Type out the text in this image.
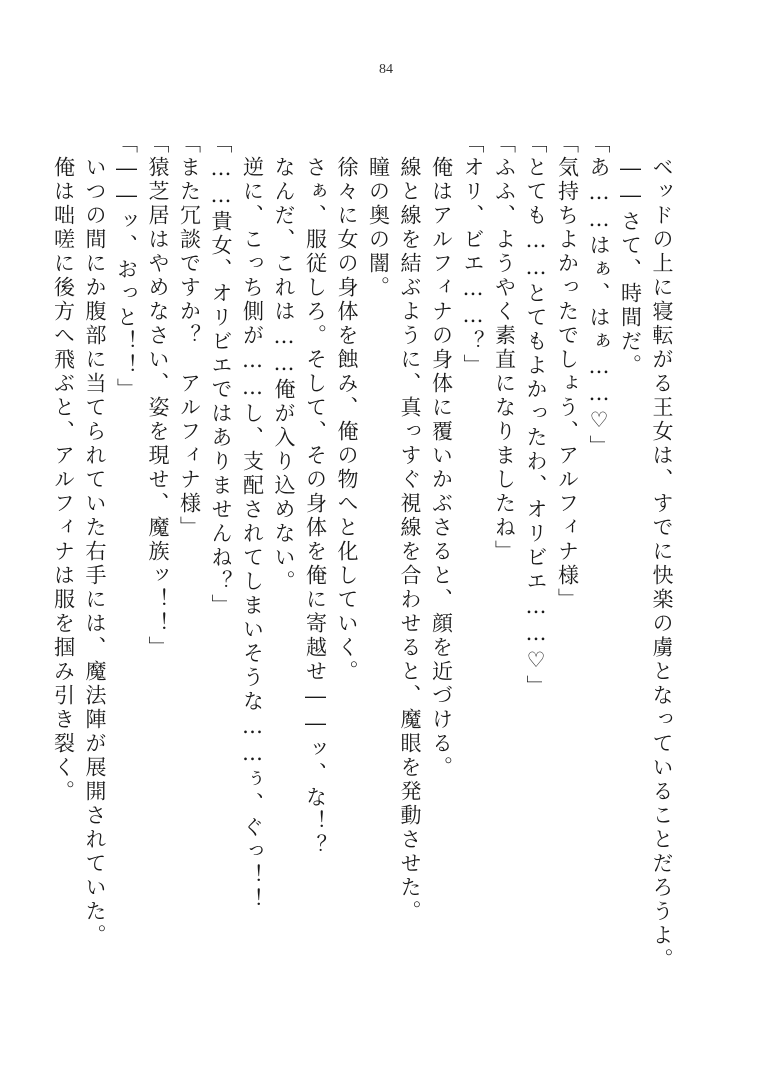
84

　ベッドの上に寝転がる王女は、すでに快楽の虜となっていることだろうよ。

　――さて、時間だ。

「あ……はぁ、はぁ……♡」

「気持ちよかったでしょう、アルフィナ様」

「とても……とてもよかったわ、オリビエ……♡」

「ふふ、ようやく素直になりましたね」

「オリ、ビエ……？」

　俺はアルフィナの身体に覆いかぶさると、顔を近づける。

　線と線を結ぶように、真っすぐ視線を合わせると、魔眼を発動させた。

　瞳の奥の闇。

　徐々に女の身体を蝕み、俺の物へと化していく。

　さぁ、服従しろ。そして、その身体を俺に寄越せ――ッ、な！？

　なんだ、これは……俺が入り込めない。

　逆に、こっち側が……し、支配されてしまいそうな……ぅ、ぐっ！！

「……貴女、オリビエではありませんね？」

「また冗談ですか？　アルフィナ様」

「猿芝居はやめなさい、姿を現せ、魔族ッ！！」

「――ッ、おっと！！」

　いつの間にか腹部に当てられていた右手には、魔法陣が展開されていた。

　俺は咄嗟に後方へ飛ぶと、アルフィナは服を掴み引き裂く。
